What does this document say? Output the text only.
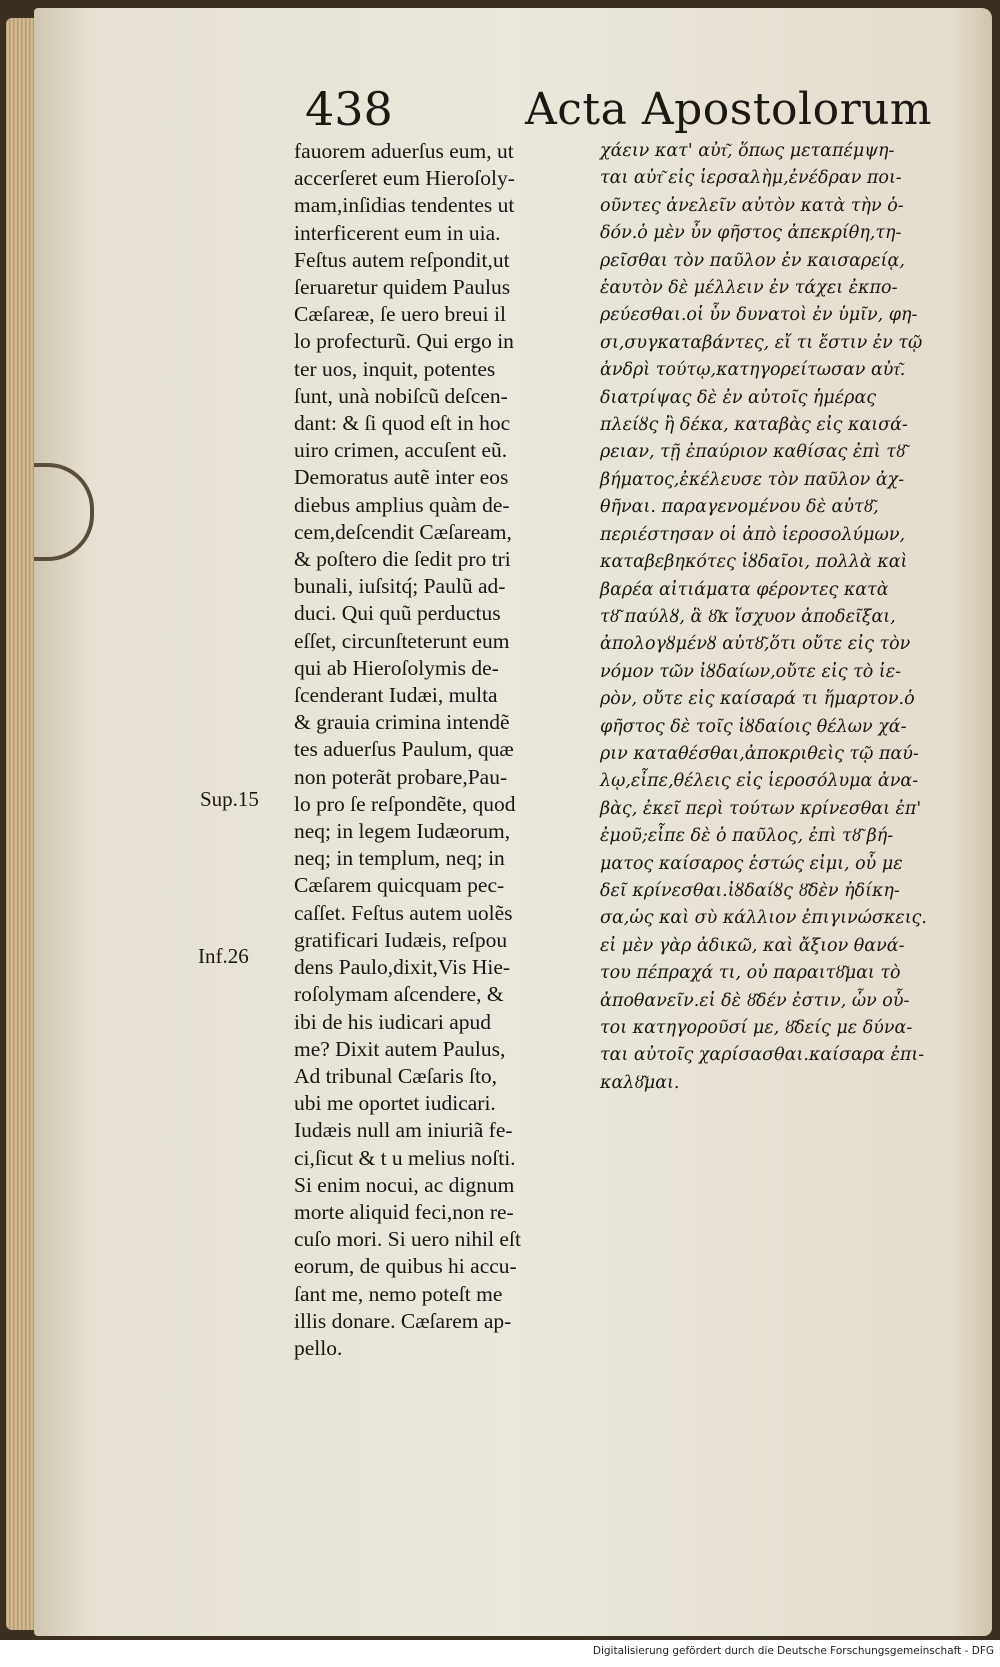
438	Acta Apostolorum
fauorem aduerſus eum, ut
accerſeret eum Hieroſoly-
mam,inſidias tendentes ut
interficerent eum in uia.
Feſtus autem reſpondit,ut
ſeruaretur quidem Paulus
Cæſareæ, ſe uero breui il
lo profecturũ. Qui ergo in
ter uos, inquit, potentes
ſunt, unà nobiſcũ deſcen-
dant: & ſi quod eſt in hoc
uiro crimen, accuſent eũ.
Demoratus autẽ inter eos
diebus amplius quàm de-
cem,deſcendit Cæſaream,
& poſtero die ſedit pro tri
bunali, iuſsitq́; Paulũ ad-
duci. Qui quũ perductus
eſſet, circunſteterunt eum
qui ab Hieroſolymis de-
ſcenderant Iudæi, multa
& grauia crimina intendẽ
tes aduerſus Paulum, quæ
non poterãt probare,Pau-
lo pro ſe reſpondẽte, quod
neq; in legem Iudæorum,
neq; in templum, neq; in
Cæſarem quicquam pec-
caſſet. Feſtus autem uolẽs
gratificari Iudæis, reſpou
dens Paulo,dixit,Vis Hie-
roſolymam aſcendere, &
ibi de his iudicari apud
me? Dixit autem Paulus,
Ad tribunal Cæſaris ſto,
ubi me oportet iudicari.
Iudæis null am iniuriã fe-
ci,ſicut & t u melius noſti.
Si enim nocui, ac dignum
morte aliquid feci,non re-
cuſo mori. Si uero nihil eſt
eorum, de quibus hi accu-
ſant me, nemo poteſt me
illis donare. Cæſarem ap-
pello.
χάειν κατ' αὐτ͂, ὅπως μεταπέμψη-
ται αὐτ͂ εἰς ἱερσαλὴμ,ἐνέδραν ποι-
οῦντες ἀνελεῖν αὐτὸν κατὰ τὴν ὁ-
δόν.ὁ μὲν ὖν φῆστος ἀπεκρίθη,τη-
ρεῖσθαι τὸν παῦλον ἐν καισαρείᾳ,
ἑαυτὸν δὲ μέλλειν ἐν τάχει ἐκπο-
ρεύεσθαι.οἱ ὖν δυνατοὶ ἐν ὑμῖν, φη-
σι,συγκαταβάντες, εἴ τι ἔστιν ἐν τῷ
ἀνδρὶ τούτῳ,κατηγορείτωσαν αὐτ͂.
διατρίψας δὲ ἐν αὐτοῖς ἡμέρας
πλείȣς ἢ δέκα, καταβὰς εἰς καισά-
ρειαν, τῇ ἐπαύριον καθίσας ἐπὶ τȣ͂
βήματος,ἐκέλευσε τὸν παῦλον ἀχ-
θῆναι. παραγενομένου δὲ αὐτȣ͂,
περιέστησαν οἱ ἀπὸ ἱεροσολύμων,
καταβεβηκότες ἰȣδαῖοι, πολλὰ καὶ
βαρέα αἰτιάματα φέροντες κατὰ
τȣ͂ παύλȣ, ἃ ȣ͂κ ἴσχυον ἀποδεῖξαι,
ἀπολογȣμένȣ αὐτȣ͂,ὅτι οὔτε εἰς τὸν
νόμον τῶν ἰȣδαίων,οὔτε εἰς τὸ ἱε-
ρὸν, οὔτε εἰς καίσαρά τι ἥμαρτον.ὁ
φῆστος δὲ τοῖς ἰȣδαίοις θέλων χά-
ριν καταθέσθαι,ἀποκριθεὶς τῷ παύ-
λῳ,εἶπε,θέλεις εἰς ἱεροσόλυμα ἀνα-
βὰς, ἐκεῖ περὶ τούτων κρίνεσθαι ἐπ'
ἐμοῦ;εἶπε δὲ ὁ παῦλος, ἐπὶ τȣ͂ βή-
ματος καίσαρος ἑστώς εἰμι, οὗ με
δεῖ κρίνεσθαι.ἰȣδαίȣς ȣ͂δὲν ἠδίκη-
σα,ὡς καὶ σὺ κάλλιον ἐπιγινώσκεις.
εἰ μὲν γὰρ ἀδικῶ, καὶ ἄξιον θανά-
του πέπραχά τι, οὐ παραιτȣ͂μαι τὸ
ἀποθανεῖν.εἰ δὲ ȣ͂δέν ἐστιν, ὧν οὗ-
τοι κατηγοροῦσί με, ȣ͂δείς με δύνα-
ται αὐτοῖς χαρίσασθαι.καίσαρα ἐπι-
καλȣ͂μαι.
Sup.15
Inf.26
Digitalisierung gefördert durch die Deutsche Forschungsgemeinschaft - DFG
